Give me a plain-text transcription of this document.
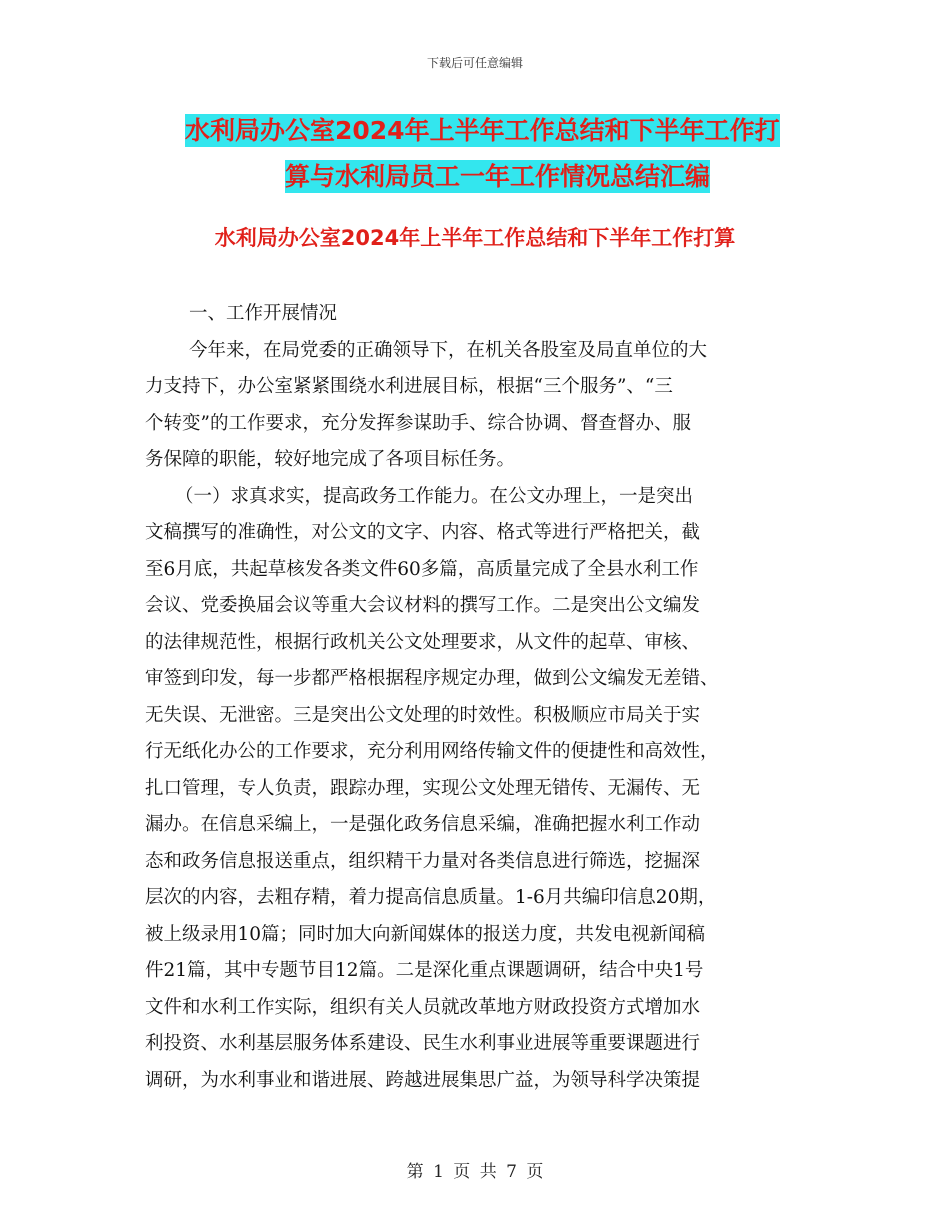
下载后可任意编辑
水利局办公室2024年上半年工作总结和下半年工作打
算与水利局员工一年工作情况总结汇编
水利局办公室2024年上半年工作总结和下半年工作打算
一、工作开展情况

今年来，在局党委的正确领导下，在机关各股室及局直单位的大
力支持下，办公室紧紧围绕水利进展目标，根据“三个服务”、“三
个转变”的工作要求，充分发挥参谋助手、综合协调、督查督办、服
务保障的职能，较好地完成了各项目标任务。

（一）求真求实，提高政务工作能力。在公文办理上，一是突出
文稿撰写的准确性，对公文的文字、内容、格式等进行严格把关，截
至6月底，共起草核发各类文件60多篇，高质量完成了全县水利工作
会议、党委换届会议等重大会议材料的撰写工作。二是突出公文编发
的法律规范性，根据行政机关公文处理要求，从文件的起草、审核、
审签到印发，每一步都严格根据程序规定办理，做到公文编发无差错、
无失误、无泄密。三是突出公文处理的时效性。积极顺应市局关于实
行无纸化办公的工作要求，充分利用网络传输文件的便捷性和高效性，
扎口管理，专人负责，跟踪办理，实现公文处理无错传、无漏传、无
漏办。在信息采编上，一是强化政务信息采编，准确把握水利工作动
态和政务信息报送重点，组织精干力量对各类信息进行筛选，挖掘深
层次的内容，去粗存精，着力提高信息质量。1-6月共编印信息20期，
被上级录用10篇；同时加大向新闻媒体的报送力度，共发电视新闻稿
件21篇，其中专题节目12篇。二是深化重点课题调研，结合中央1号
文件和水利工作实际，组织有关人员就改革地方财政投资方式增加水
利投资、水利基层服务体系建设、民生水利事业进展等重要课题进行
调研，为水利事业和谐进展、跨越进展集思广益，为领导科学决策提

第 1 页 共 7 页
